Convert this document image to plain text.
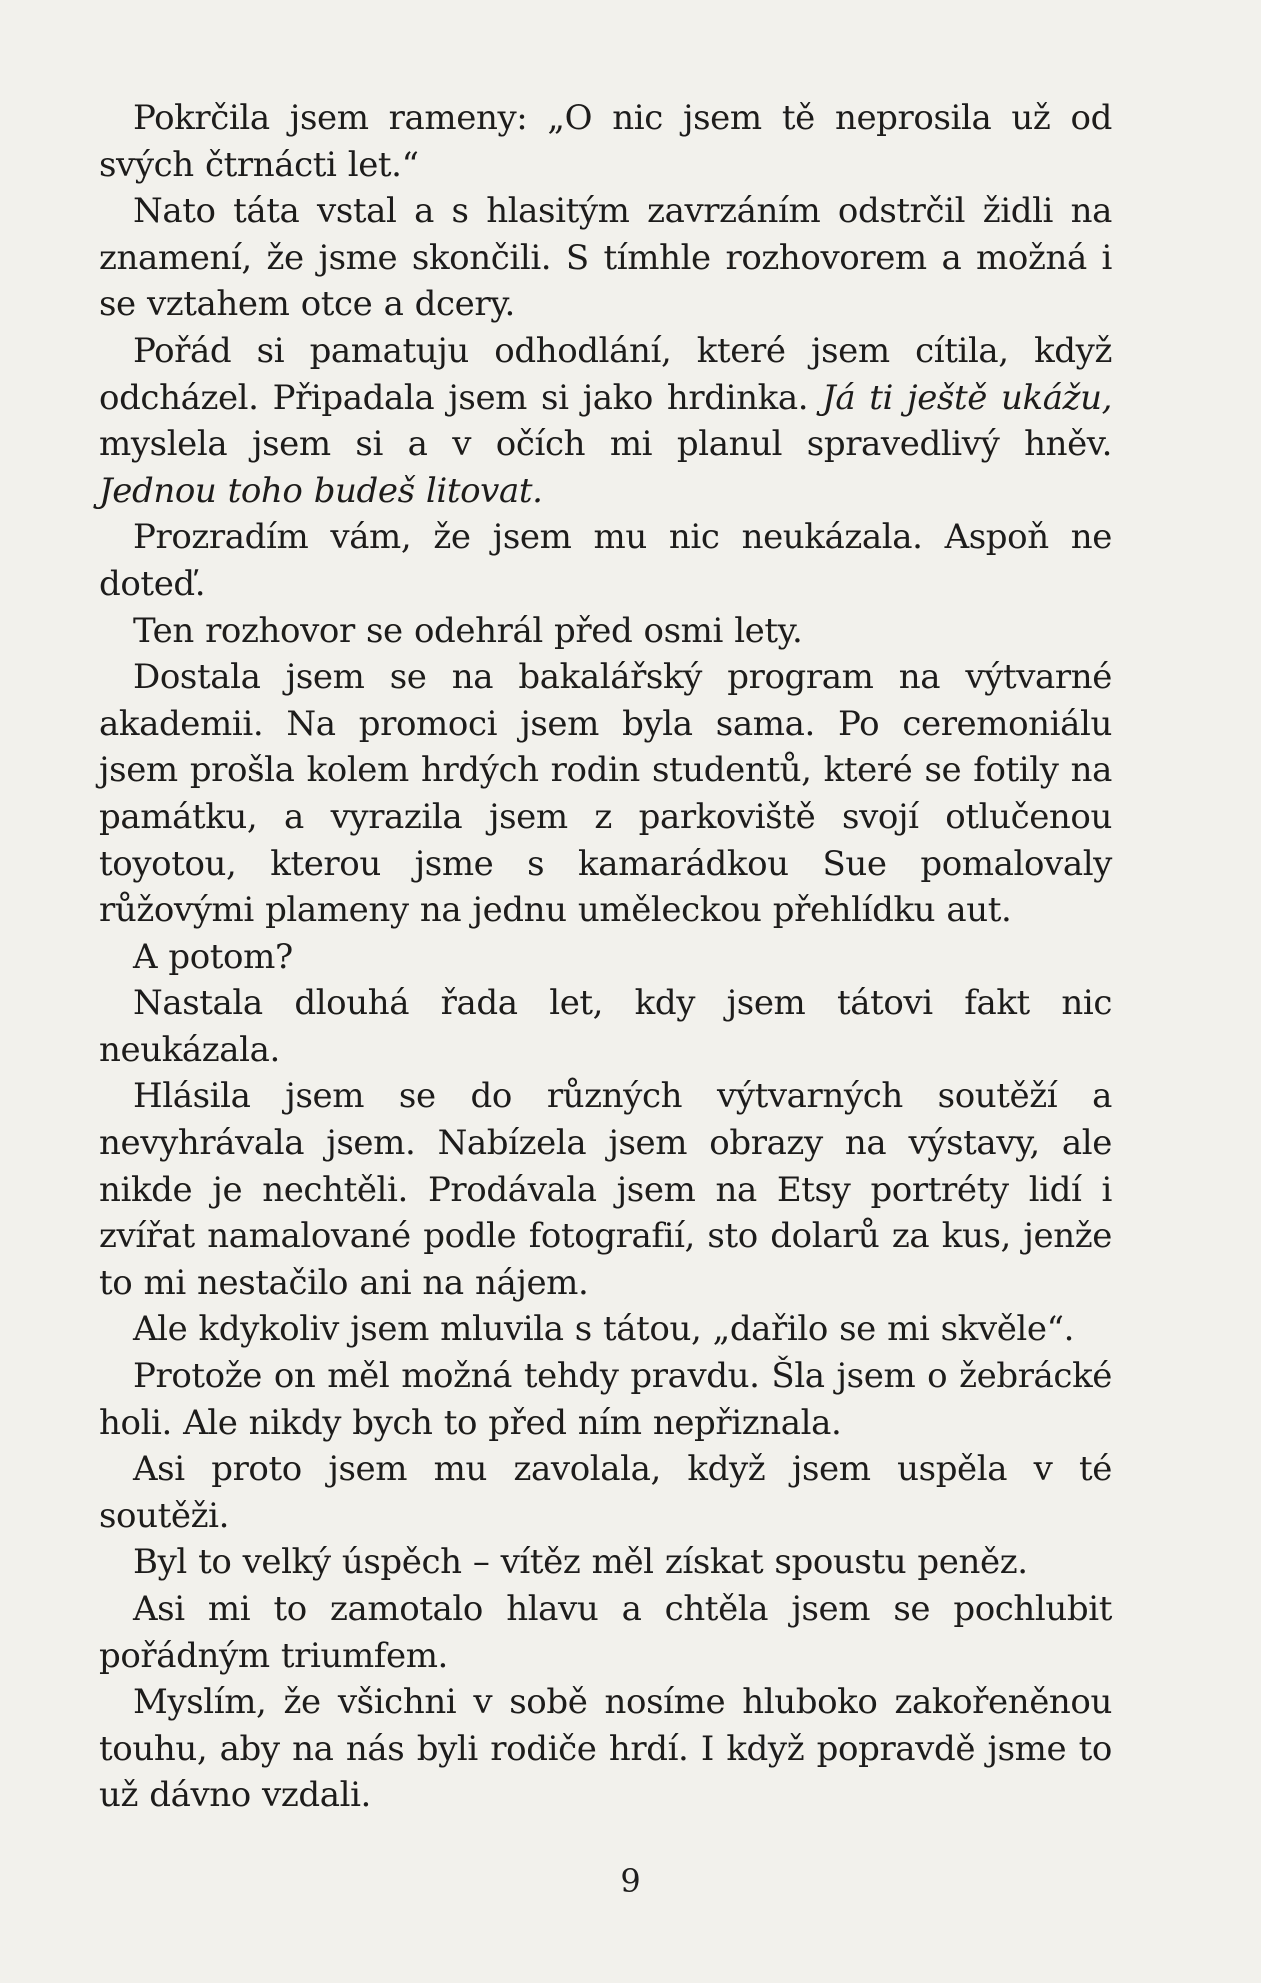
Pokrčila jsem rameny: „O nic jsem tě neprosila už od svých čtrnácti let.“

Nato táta vstal a s hlasitým zavrzáním odstrčil židli na znamení, že jsme skončili. S tímhle rozhovorem a možná i se vztahem otce a dcery.

Pořád si pamatuju odhodlání, které jsem cítila, když odcházel. Připadala jsem si jako hrdinka. Já ti ještě ukážu, myslela jsem si a v očích mi planul spravedlivý hněv. Jednou toho budeš litovat.

Prozradím vám, že jsem mu nic neukázala. Aspoň ne doteď.

Ten rozhovor se odehrál před osmi lety.

Dostala jsem se na bakalářský program na výtvarné akademii. Na promoci jsem byla sama. Po ceremoniálu jsem prošla kolem hrdých rodin studentů, které se fotily na památku, a vyrazila jsem z parkoviště svojí otlučenou toyotou, kterou jsme s kamarádkou Sue pomalovaly růžovými plameny na jednu uměleckou přehlídku aut.

A potom?

Nastala dlouhá řada let, kdy jsem tátovi fakt nic neukázala.

Hlásila jsem se do různých výtvarných soutěží a nevyhrávala jsem. Nabízela jsem obrazy na výstavy, ale nikde je nechtěli. Prodávala jsem na Etsy portréty lidí i zvířat namalované podle fotografií, sto dolarů za kus, jenže to mi nestačilo ani na nájem.

Ale kdykoliv jsem mluvila s tátou, „dařilo se mi skvěle“.

Protože on měl možná tehdy pravdu. Šla jsem o žebrácké holi. Ale nikdy bych to před ním nepřiznala.

Asi proto jsem mu zavolala, když jsem uspěla v té soutěži.

Byl to velký úspěch – vítěz měl získat spoustu peněz.

Asi mi to zamotalo hlavu a chtěla jsem se pochlubit pořádným triumfem.

Myslím, že všichni v sobě nosíme hluboko zakořeněnou touhu, aby na nás byli rodiče hrdí. I když popravdě jsme to už dávno vzdali.

9
